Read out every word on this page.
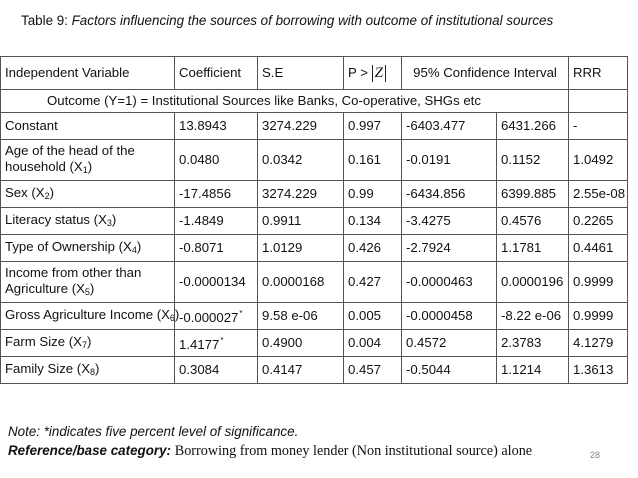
Table 9: Factors influencing the sources of borrowing with outcome of institutional sources
Independent Variable	Coefficient	S.E	P > Z	95% Confidence Interval		RRR
Outcome (Y=1) = Institutional Sources like Banks, Co-operative, SHGs etc						
Constant	13.8943	3274.229	0.997	-6403.477	6431.266	-
Age of the head of the household $(X_1)$	0.0480	0.0342	0.161	-0.0191	0.1152	1.0492
Sex $(X_2)$	-17.4856	3274.229	0.99	-6434.856	6399.885	2.55e-08
Literacy status $(X_3)$	-1.4849	0.9911	0.134	-3.4275	0.4576	0.2265
Type of Ownership $(X_4)$	-0.8071	1.0129	0.426	-2.7924	1.1781	0.4461
Income from other than Agriculture $(X_5)$	-0.0000134	0.0000168	0.427	-0.0000463	0.0000196	0.9999
Gross Agriculture Income $(X_6)$	-0.000027*	9.58 e-06	0.005	-0.0000458	-8.22 e-06	0.9999
Farm Size $(X_7)$	1.4177*	0.4900	0.004	0.4572	2.3783	4.1279
Family Size $(X_8)$	0.3084	0.4147	0.457	-0.5044	1.1214	1.3613
Note: *indicates five percent level of significance.
Reference/base category: Borrowing from money lender (Non institutional source) alone	28
